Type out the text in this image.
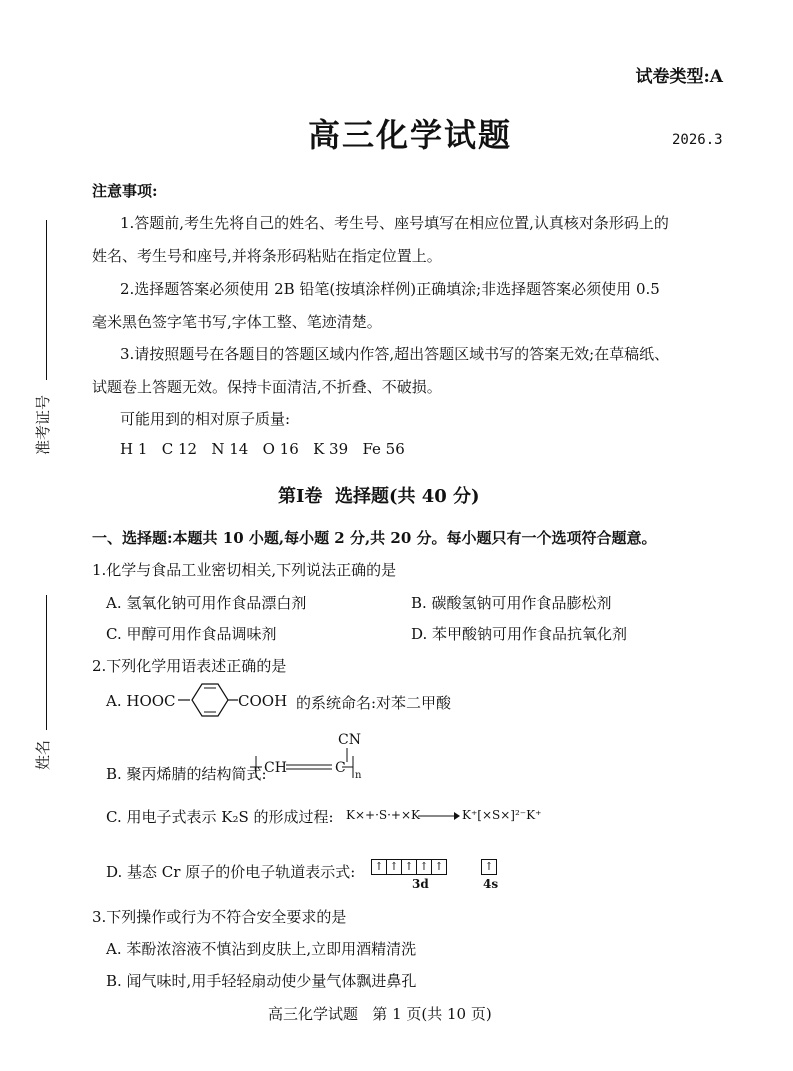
试卷类型:A
高三化学试题	2026.3
准考证号
姓名
注意事项:
1.答题前,考生先将自己的姓名、考生号、座号填写在相应位置,认真核对条形码上的
姓名、考生号和座号,并将条形码粘贴在指定位置上。
2.选择题答案必须使用 2B 铅笔(按填涂样例)正确填涂;非选择题答案必须使用 0.5
毫米黑色签字笔书写,字体工整、笔迹清楚。
3.请按照题号在各题目的答题区域内作答,超出答题区域书写的答案无效;在草稿纸、
试题卷上答题无效。保持卡面清洁,不折叠、不破损。
可能用到的相对原子质量:
H 1   C 12   N 14   O 16   K 39   Fe 56
第Ⅰ卷  选择题(共 40 分)
一、选择题:本题共 10 小题,每小题 2 分,共 20 分。每小题只有一个选项符合题意。
1.化学与食品工业密切相关,下列说法正确的是
A. 氢氧化钠可用作食品漂白剂	B. 碳酸氢钠可用作食品膨松剂
C. 甲醇可用作食品调味剂	D. 苯甲酸钠可用作食品抗氧化剂
2.下列化学用语表述正确的是
A. HOOC	COOH 的系统命名:对苯二甲酸
B. 聚丙烯腈的结构简式:
CN
CH	C n
C. 用电子式表示 K₂S 的形成过程: K×+·S·+×K → K⁺[×S×]²⁻K⁺
D. 基态 Cr 原子的价电子轨道表示式: ↑ ↑ ↑ ↑ ↑	↑
3d	4s
3.下列操作或行为不符合安全要求的是
A. 苯酚浓溶液不慎沾到皮肤上,立即用酒精清洗
B. 闻气味时,用手轻轻扇动使少量气体飘进鼻孔
高三化学试题   第 1 页(共 10 页)
